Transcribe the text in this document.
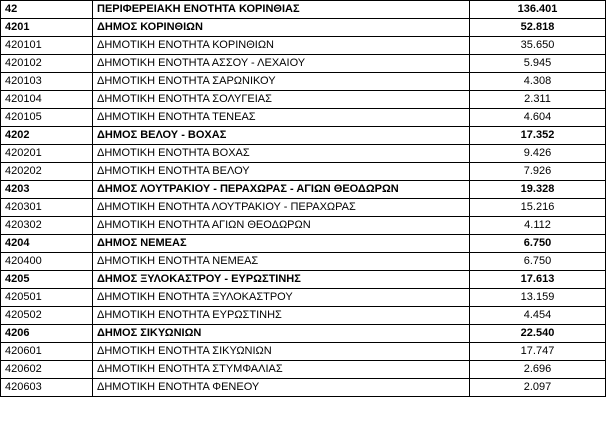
42	ΠΕΡΙΦΕΡΕΙΑΚΗ ΕΝΟΤΗΤΑ ΚΟΡΙΝΘΙΑΣ	136.401
4201	ΔΗΜΟΣ ΚΟΡΙΝΘΙΩΝ	52.818
420101	ΔΗΜΟΤΙΚΗ ΕΝΟΤΗΤΑ ΚΟΡΙΝΘΙΩΝ	35.650
420102	ΔΗΜΟΤΙΚΗ ΕΝΟΤΗΤΑ ΑΣΣΟΥ - ΛΕΧΑΙΟΥ	5.945
420103	ΔΗΜΟΤΙΚΗ ΕΝΟΤΗΤΑ ΣΑΡΩΝΙΚΟΥ	4.308
420104	ΔΗΜΟΤΙΚΗ ΕΝΟΤΗΤΑ ΣΟΛΥΓΕΙΑΣ	2.311
420105	ΔΗΜΟΤΙΚΗ ΕΝΟΤΗΤΑ ΤΕΝΕΑΣ	4.604
4202	ΔΗΜΟΣ ΒΕΛΟΥ - ΒΟΧΑΣ	17.352
420201	ΔΗΜΟΤΙΚΗ ΕΝΟΤΗΤΑ ΒΟΧΑΣ	9.426
420202	ΔΗΜΟΤΙΚΗ ΕΝΟΤΗΤΑ ΒΕΛΟΥ	7.926
4203	ΔΗΜΟΣ ΛΟΥΤΡΑΚΙΟΥ - ΠΕΡΑΧΩΡΑΣ - ΑΓΙΩΝ ΘΕΟΔΩΡΩΝ	19.328
420301	ΔΗΜΟΤΙΚΗ ΕΝΟΤΗΤΑ ΛΟΥΤΡΑΚΙΟΥ - ΠΕΡΑΧΩΡΑΣ	15.216
420302	ΔΗΜΟΤΙΚΗ ΕΝΟΤΗΤΑ ΑΓΙΩΝ ΘΕΟΔΩΡΩΝ	4.112
4204	ΔΗΜΟΣ ΝΕΜΕΑΣ	6.750
420400	ΔΗΜΟΤΙΚΗ ΕΝΟΤΗΤΑ ΝΕΜΕΑΣ	6.750
4205	ΔΗΜΟΣ ΞΥΛΟΚΑΣΤΡΟΥ - ΕΥΡΩΣΤΙΝΗΣ	17.613
420501	ΔΗΜΟΤΙΚΗ ΕΝΟΤΗΤΑ ΞΥΛΟΚΑΣΤΡΟΥ	13.159
420502	ΔΗΜΟΤΙΚΗ ΕΝΟΤΗΤΑ ΕΥΡΩΣΤΙΝΗΣ	4.454
4206	ΔΗΜΟΣ ΣΙΚΥΩΝΙΩΝ	22.540
420601	ΔΗΜΟΤΙΚΗ ΕΝΟΤΗΤΑ ΣΙΚΥΩΝΙΩΝ	17.747
420602	ΔΗΜΟΤΙΚΗ ΕΝΟΤΗΤΑ ΣΤΥΜΦΑΛΙΑΣ	2.696
420603	ΔΗΜΟΤΙΚΗ ΕΝΟΤΗΤΑ ΦΕΝΕΟΥ	2.097
